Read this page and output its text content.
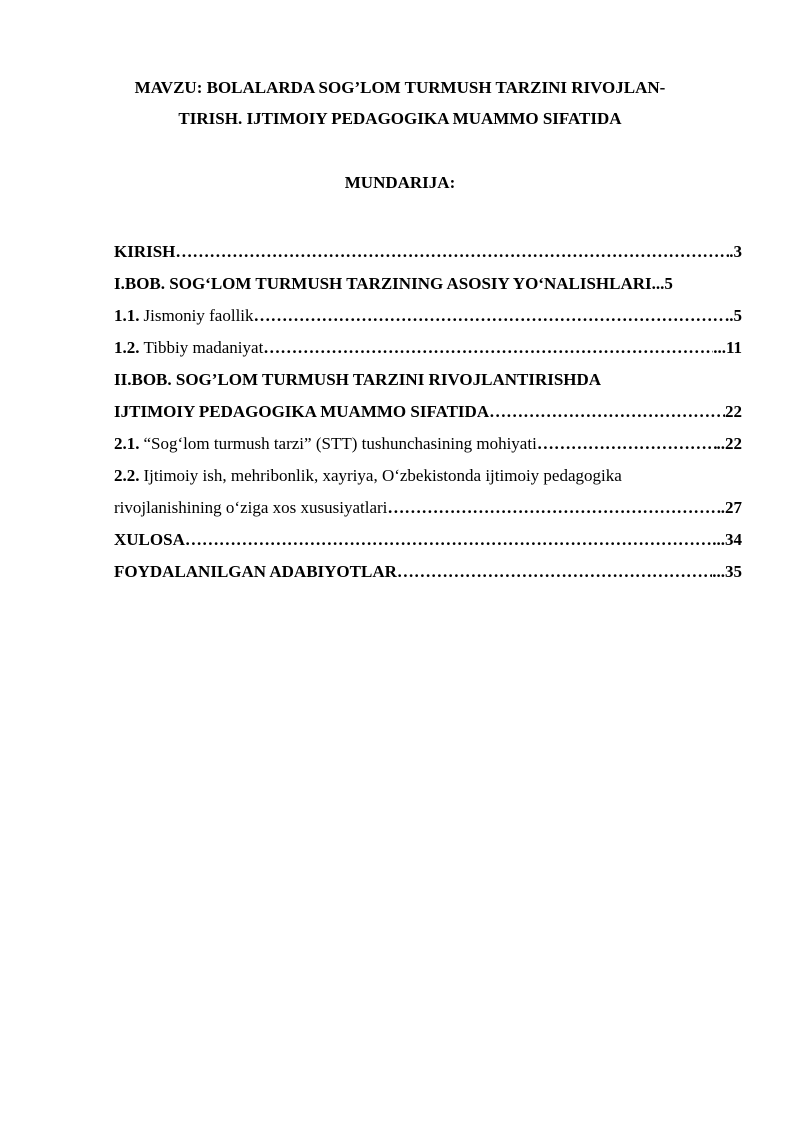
MAVZU: BOLALARDA SOG’LOM TURMUSH TARZINI RIVOJLAN-
TIRISH. IJTIMOIY PEDAGOGIKA MUAMMO SIFATIDA
MUNDARIJA:
KIRISH ………………………………………………………………………………………………………………………………………………………………	.3
I.BOB. SOG‘LOM TURMUSH TARZINING ASOSIY YO‘NALISHLARI ...5
1.1. Jismoniy faollik ………………………………………………………………………………………………………………………………………………………………	..5
1.2. Tibbiy madaniyat ………………………………………………………………………………………………………………………………………………………………	...11
II.BOB. SOG’LOM TURMUSH TARZINI RIVOJLANTIRISHDA
IJTIMOIY PEDAGOGIKA MUAMMO SIFATIDA ………………………………………………………………………………………………………………………………………………………………	22
2.1. “Sog‘lom turmush tarzi” (STT) tushunchasining mohiyati ………………………………………………………………………………………………………………………………………………………………	..22
2.2. Ijtimoiy ish, mehribonlik, xayriya, O‘zbekistonda ijtimoiy pedagogika
rivojlanishining o‘ziga xos xususiyatlari ………………………………………………………………………………………………………………………………………………………………	.27
XULOSA ………………………………………………………………………………………………………………………………………………………………	...34
FOYDALANILGAN ADABIYOTLAR ………………………………………………………………………………………………………………………………………………………………	...35
